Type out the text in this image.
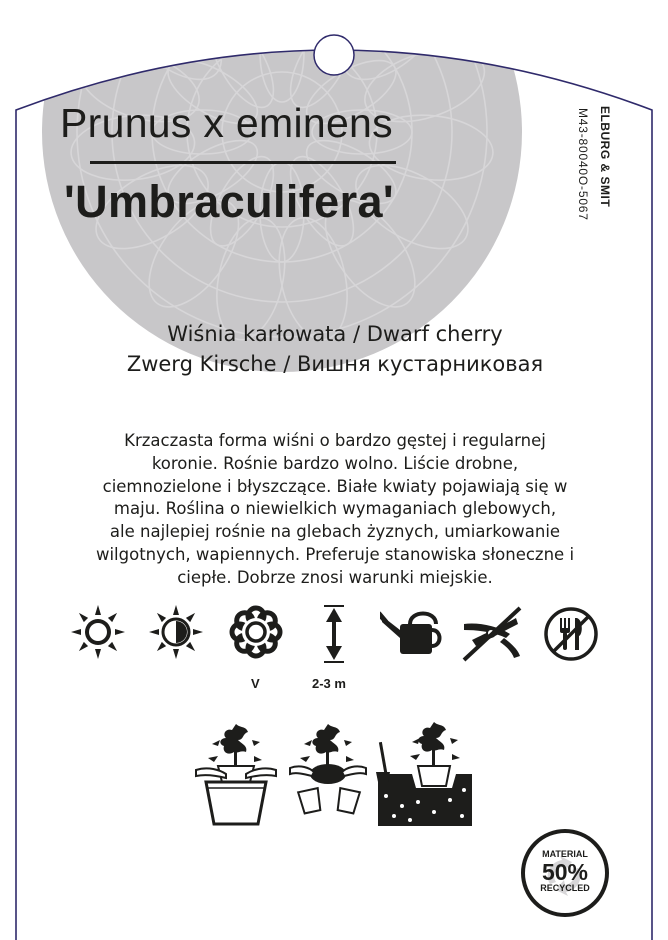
Prunus x eminens
'Umbraculifera'	ELBURG & SMIT
M43-80040O-5067
Wiśnia karłowata / Dwarf cherry
Zwerg Kirsche / Вишня кустарниковая
Krzaczasta forma wiśni o bardzo gęstej i regularnej
koronie. Rośnie bardzo wolno. Liście drobne,
ciemnozielone i błyszczące. Białe kwiaty pojawiają się w
maju. Roślina o niewielkich wymaganiach glebowych,
ale najlepiej rośnie na glebach żyznych, umiarkowanie
wilgotnych, wapiennych. Preferuje stanowiska słoneczne i
ciepłe. Dobrze znosi warunki miejskie.
V	2-3 m
MATERIAL
50%
RECYCLED
